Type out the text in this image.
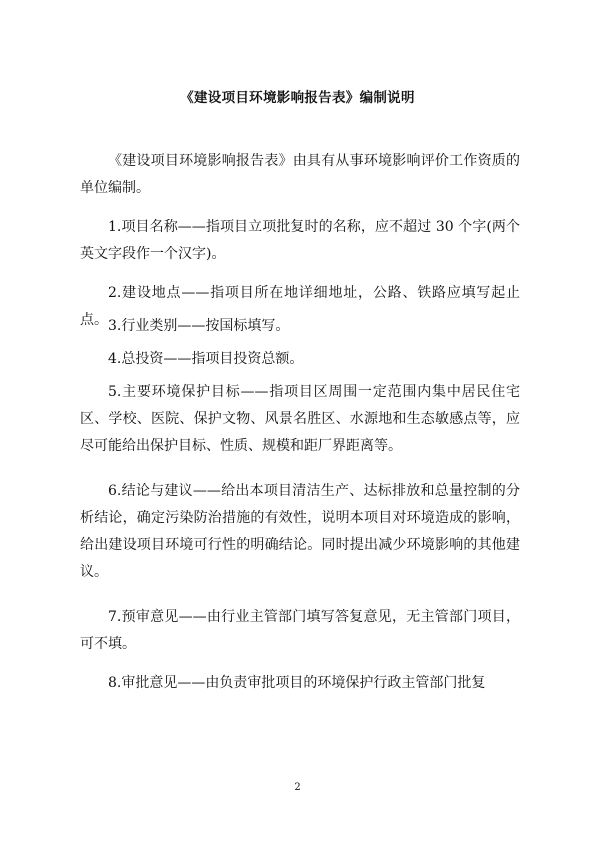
《建设项目环境影响报告表》编制说明

《建设项目环境影响报告表》由具有从事环境影响评价工作资质的单位编制。

1.项目名称——指项目立项批复时的名称，应不超过 30 个字(两个英文字段作一个汉字)。

2.建设地点——指项目所在地详细地址，公路、铁路应填写起止点。 3.行业类别——按国标填写。

4.总投资——指项目投资总额。

5.主要环境保护目标——指项目区周围一定范围内集中居民住宅区、学校、医院、保护文物、风景名胜区、水源地和生态敏感点等，应尽可能给出保护目标、性质、规模和距厂界距离等。

6.结论与建议——给出本项目清洁生产、达标排放和总量控制的分析结论，确定污染防治措施的有效性，说明本项目对环境造成的影响，给出建设项目环境可行性的明确结论。同时提出减少环境影响的其他建议。

7.预审意见——由行业主管部门填写答复意见，无主管部门项目，可不填。

8.审批意见——由负责审批项目的环境保护行政主管部门批复

2
